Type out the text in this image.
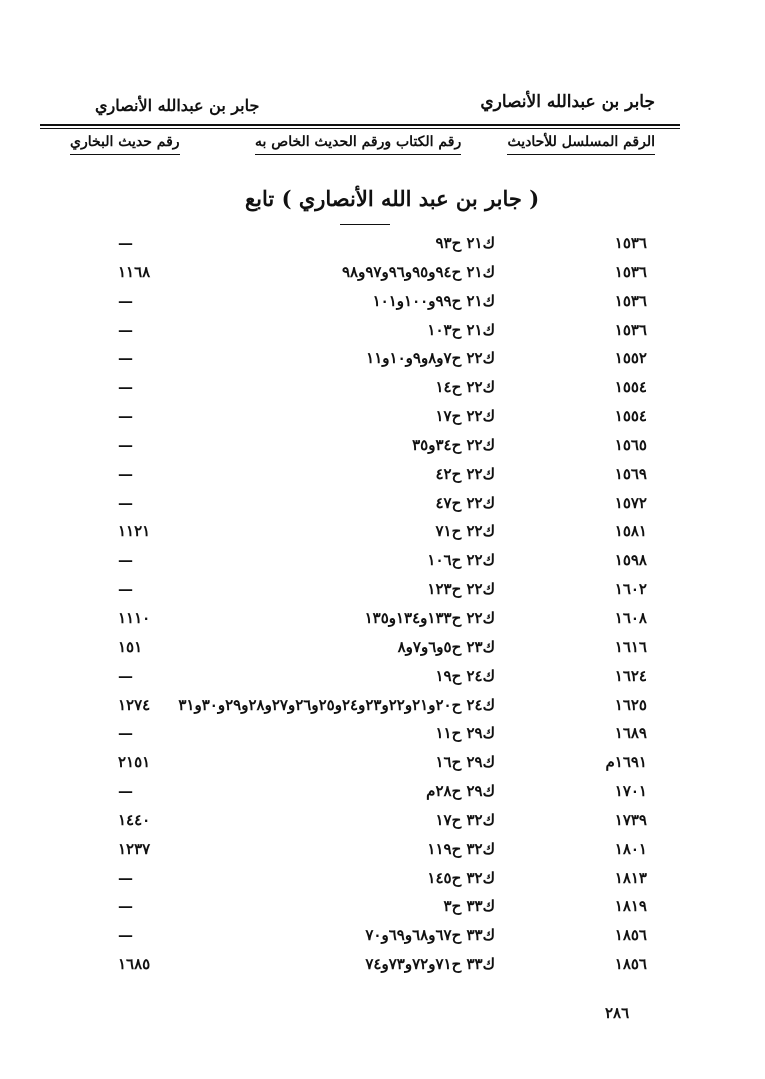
جابر بن عبدالله الأنصاري
جابر بن عبدالله الأنصاري
الرقم المسلسل للأحاديث
رقم الكتاب ورقم الحديث الخاص به
رقم حديث البخاري
( جابر بن عبد الله الأنصاري ) تابع
١٥٣٦
ك٢١ ح٩٣
—
١٥٣٦
ك٢١ ح٩٤و٩٥و٩٦و٩٧و٩٨
١١٦٨
١٥٣٦
ك٢١ ح٩٩و١٠٠و١٠١
—
١٥٣٦
ك٢١ ح١٠٣
—
١٥٥٢
ك٢٢ ح٧و٨و٩و١٠و١١
—
١٥٥٤
ك٢٢ ح١٤
—
١٥٥٤
ك٢٢ ح١٧
—
١٥٦٥
ك٢٢ ح٣٤و٣٥
—
١٥٦٩
ك٢٢ ح٤٢
—
١٥٧٢
ك٢٢ ح٤٧
—
١٥٨١
ك٢٢ ح٧١
١١٢١
١٥٩٨
ك٢٢ ح١٠٦
—
١٦٠٢
ك٢٢ ح١٢٣
—
١٦٠٨
ك٢٢ ح١٣٣و١٣٤و١٣٥
١١١٠
١٦١٦
ك٢٣ ح٥و٦و٧و٨
١٥١
١٦٢٤
ك٢٤ ح١٩
—
١٦٢٥
ك٢٤ ح٢٠و٢١و٢٢و٢٣و٢٤و٢٥و٢٦و٢٧و٢٨و٢٩و٣٠و٣١
١٢٧٤
١٦٨٩
ك٢٩ ح١١
—
١٦٩١م
ك٢٩ ح١٦
٢١٥١
١٧٠١
ك٢٩ ح٢٨م
—
١٧٣٩
ك٣٢ ح١٧
١٤٤٠
١٨٠١
ك٣٢ ح١١٩
١٢٣٧
١٨١٣
ك٣٢ ح١٤٥
—
١٨١٩
ك٣٣ ح٣
—
١٨٥٦
ك٣٣ ح٦٧و٦٨و٦٩و٧٠
—
١٨٥٦
ك٣٣ ح٧١و٧٢و٧٣و٧٤
١٦٨٥
٢٨٦
